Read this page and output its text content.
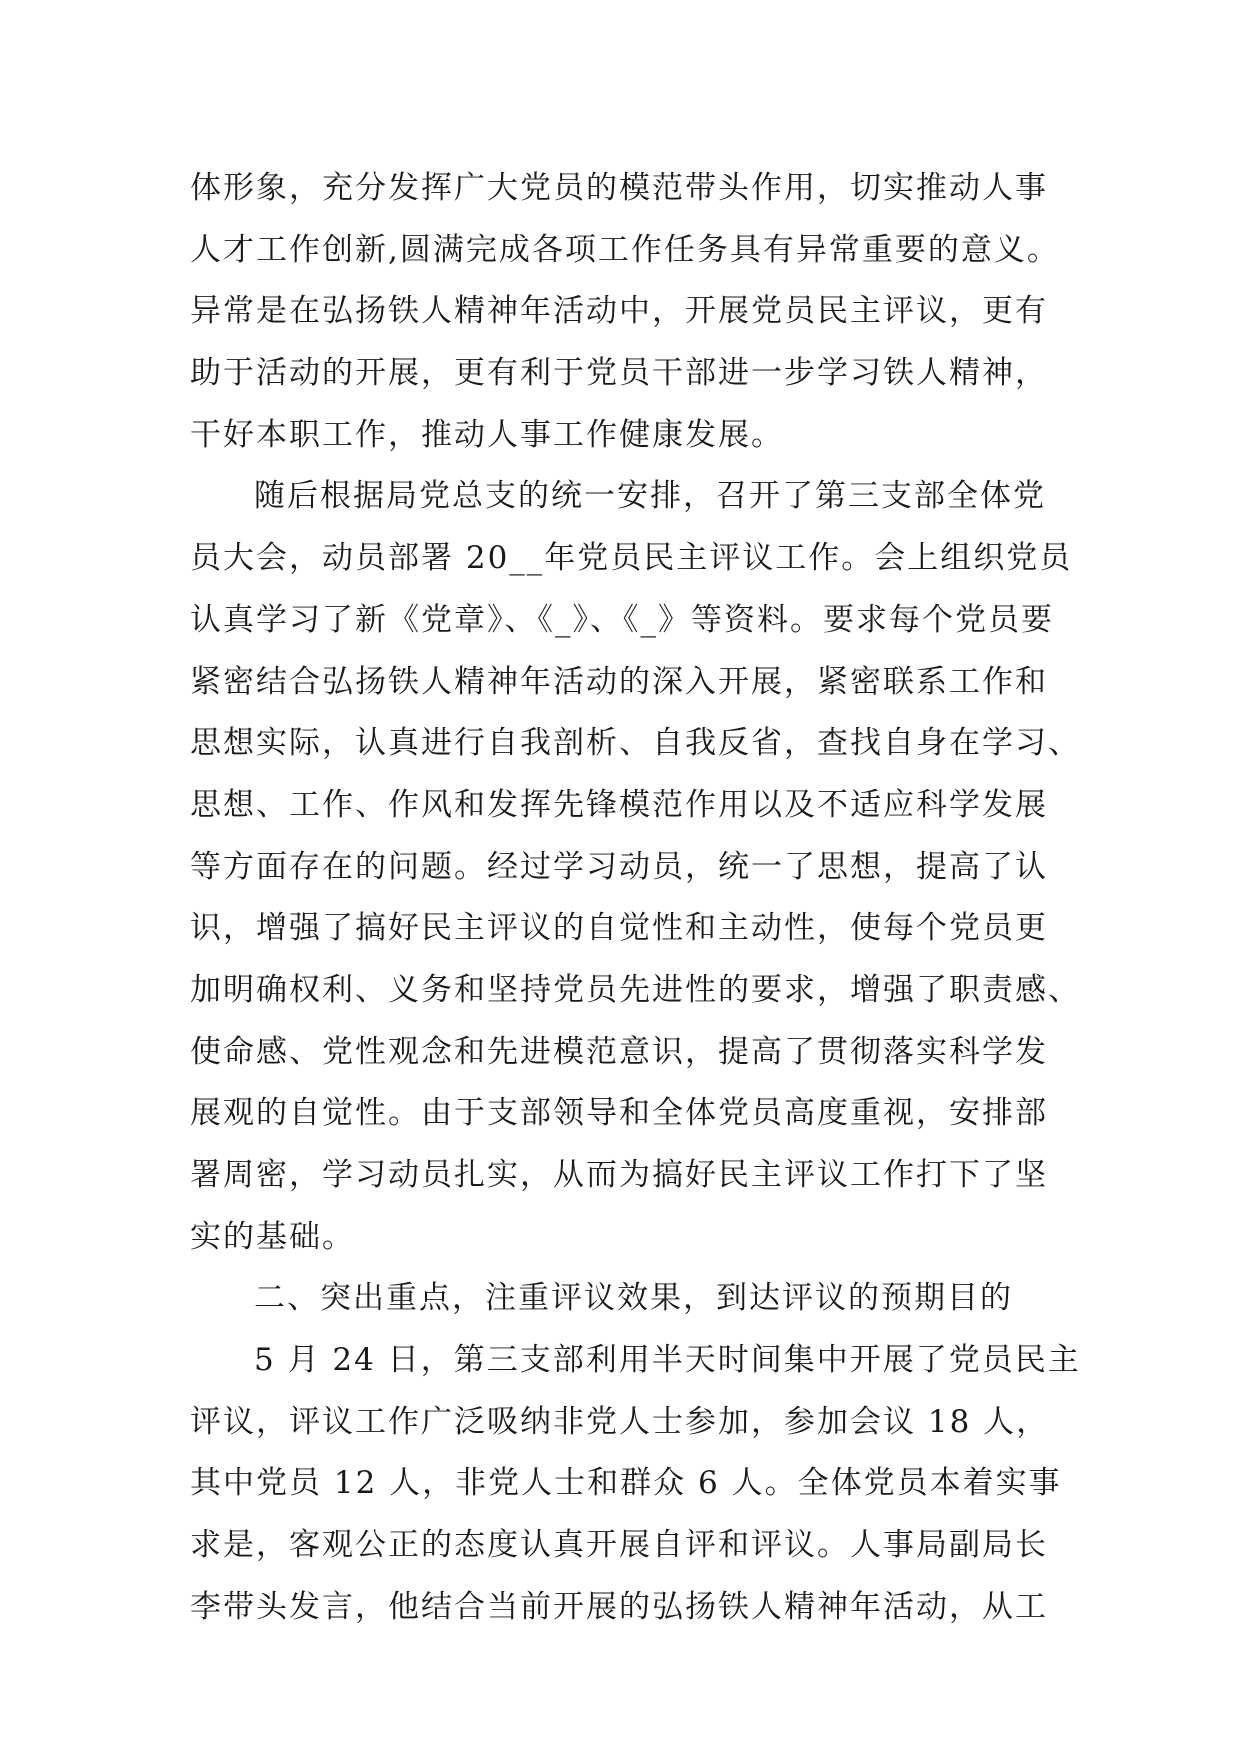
体形象，充分发挥广大党员的模范带头作用，切实推动人事
人才工作创新,圆满完成各项工作任务具有异常重要的意义。
异常是在弘扬铁人精神年活动中，开展党员民主评议，更有
助于活动的开展，更有利于党员干部进一步学习铁人精神，
干好本职工作，推动人事工作健康发展。
随后根据局党总支的统一安排，召开了第三支部全体党
员大会，动员部署 20__年党员民主评议工作。会上组织党员
认真学习了新《党章》、《_》、《_》等资料。要求每个党员要
紧密结合弘扬铁人精神年活动的深入开展，紧密联系工作和
思想实际，认真进行自我剖析、自我反省，查找自身在学习、
思想、工作、作风和发挥先锋模范作用以及不适应科学发展
等方面存在的问题。经过学习动员，统一了思想，提高了认
识，增强了搞好民主评议的自觉性和主动性，使每个党员更
加明确权利、义务和坚持党员先进性的要求，增强了职责感、
使命感、党性观念和先进模范意识，提高了贯彻落实科学发
展观的自觉性。由于支部领导和全体党员高度重视，安排部
署周密，学习动员扎实，从而为搞好民主评议工作打下了坚
实的基础。
二、突出重点，注重评议效果，到达评议的预期目的
5 月 24 日，第三支部利用半天时间集中开展了党员民主
评议，评议工作广泛吸纳非党人士参加，参加会议 18 人，
其中党员 12 人，非党人士和群众 6 人。全体党员本着实事
求是，客观公正的态度认真开展自评和评议。人事局副局长
李带头发言，他结合当前开展的弘扬铁人精神年活动，从工
